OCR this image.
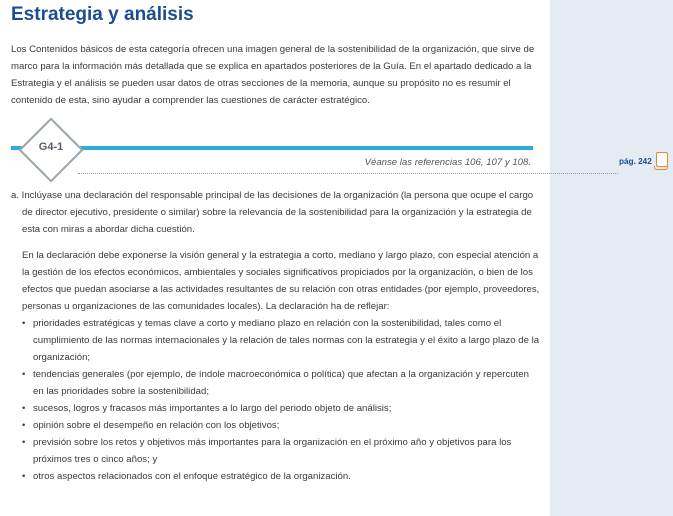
Estrategia y análisis

Los Contenidos básicos de esta categoría ofrecen una imagen general de la sostenibilidad de la organización, que sirve de marco para la información más detallada que se explica en apartados posteriores de la Guía. En el apartado dedicado a la Estrategia y el análisis se pueden usar datos de otras secciones de la memoria, aunque su propósito no es resumir el contenido de esta, sino ayudar a comprender las cuestiones de carácter estratégico.

G4-1
Véanse las referencias 106, 107 y 108.	pág. 242

a. Inclúyase una declaración del responsable principal de las decisiones de la organización (la persona que ocupe el cargo de director ejecutivo, presidente o similar) sobre la relevancia de la sostenibilidad para la organización y la estrategia de esta con miras a abordar dicha cuestión.

En la declaración debe exponerse la visión general y la estrategia a corto, mediano y largo plazo, con especial atención a la gestión de los efectos económicos, ambientales y sociales significativos propiciados por la organización, o bien de los efectos que puedan asociarse a las actividades resultantes de su relación con otras entidades (por ejemplo, proveedores, personas u organizaciones de las comunidades locales). La declaración ha de reflejar:

• prioridades estratégicas y temas clave a corto y mediano plazo en relación con la sostenibilidad, tales como el cumplimiento de las normas internacionales y la relación de tales normas con la estrategia y el éxito a largo plazo de la organización;
• tendencias generales (por ejemplo, de índole macroeconómica o política) que afectan a la organización y repercuten en las prioridades sobre la sostenibilidad;
• sucesos, logros y fracasos más importantes a lo largo del periodo objeto de análisis;
• opinión sobre el desempeño en relación con los objetivos;
• previsión sobre los retos y objetivos más importantes para la organización en el próximo año y objetivos para los próximos tres o cinco años; y
• otros aspectos relacionados con el enfoque estratégico de la organización.
